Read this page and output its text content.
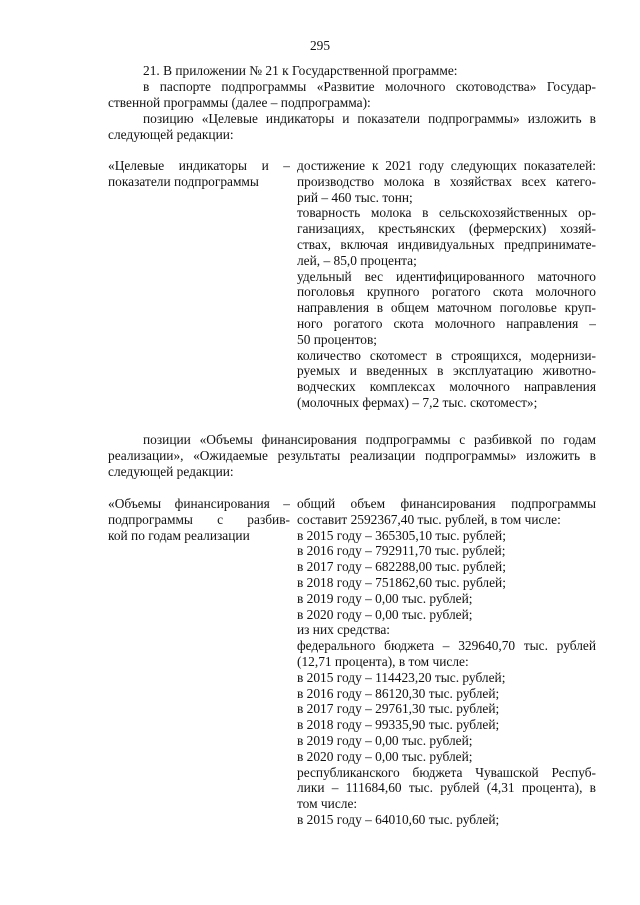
295
21. В приложении № 21 к Государственной программе:
в паспорте подпрограммы «Развитие молочного скотоводства» Государ-
ственной программы (далее – подпрограмма):
позицию «Целевые индикаторы и показатели подпрограммы» изложить в
следующей редакции:
«Целевые индикаторы и –
показатели подпрограммы
достижение к 2021 году следующих показателей:
производство молока в хозяйствах всех катего-
рий – 460 тыс. тонн;
товарность молока в сельскохозяйственных ор-
ганизациях, крестьянских (фермерских) хозяй-
ствах, включая индивидуальных предпринимате-
лей, – 85,0 процента;
удельный вес идентифицированного маточного
поголовья крупного рогатого скота молочного
направления в общем маточном поголовье круп-
ного рогатого скота молочного направления –
50 процентов;
количество скотомест в строящихся, модернизи-
руемых и введенных в эксплуатацию животно-
водческих комплексах молочного направления
(молочных фермах) – 7,2 тыс. скотомест»;
позиции «Объемы финансирования подпрограммы с разбивкой по годам
реализации», «Ожидаемые результаты реализации подпрограммы» изложить в
следующей редакции:
«Объемы финансирования –
подпрограммы с разбив-
кой по годам реализации
общий объем финансирования подпрограммы
составит 2592367,40 тыс. рублей, в том числе:
в 2015 году – 365305,10 тыс. рублей;
в 2016 году – 792911,70 тыс. рублей;
в 2017 году – 682288,00 тыс. рублей;
в 2018 году – 751862,60 тыс. рублей;
в 2019 году – 0,00 тыс. рублей;
в 2020 году – 0,00 тыс. рублей;
из них средства:
федерального бюджета – 329640,70 тыс. рублей
(12,71 процента), в том числе:
в 2015 году – 114423,20 тыс. рублей;
в 2016 году – 86120,30 тыс. рублей;
в 2017 году – 29761,30 тыс. рублей;
в 2018 году – 99335,90 тыс. рублей;
в 2019 году – 0,00 тыс. рублей;
в 2020 году – 0,00 тыс. рублей;
республиканского бюджета Чувашской Респуб-
лики – 111684,60 тыс. рублей (4,31 процента), в
том числе:
в 2015 году – 64010,60 тыс. рублей;
